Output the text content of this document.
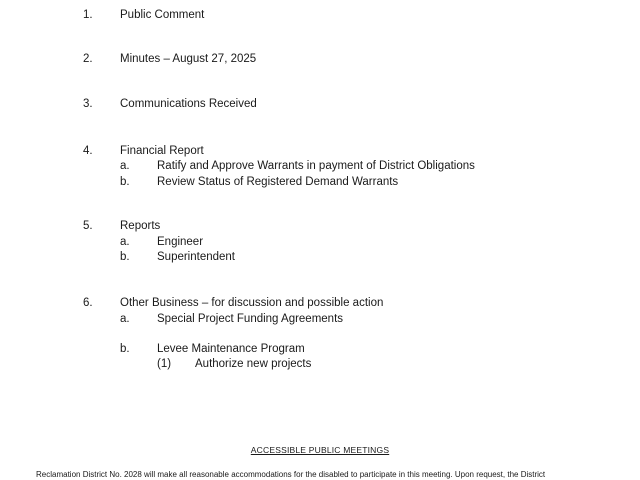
1. Public Comment
2. Minutes – August 27, 2025
3. Communications Received
4. Financial Report
a. Ratify and Approve Warrants in payment of District Obligations
b. Review Status of Registered Demand Warrants
5. Reports
a. Engineer
b. Superintendent
6. Other Business – for discussion and possible action
a. Special Project Funding Agreements
b. Levee Maintenance Program
(1) Authorize new projects
ACCESSIBLE PUBLIC MEETINGS
Reclamation District No. 2028 will make all reasonable accommodations for the disabled to participate in this meeting. Upon request, the District
